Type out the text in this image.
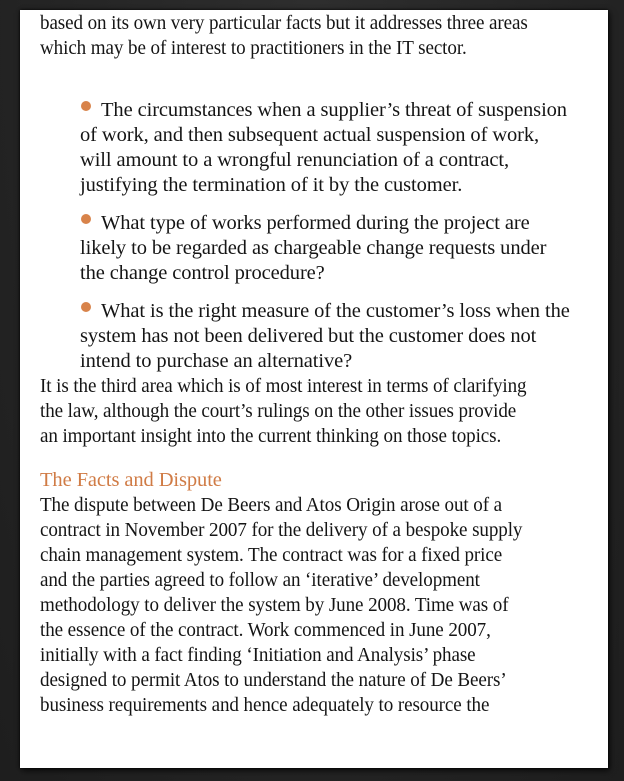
based on its own very particular facts but it addresses three areas
which may be of interest to practitioners in the IT sector.
The circumstances when a supplier’s threat of suspension
of work, and then subsequent actual suspension of work,
will amount to a wrongful renunciation of a contract,
justifying the termination of it by the customer.
What type of works performed during the project are
likely to be regarded as chargeable change requests under
the change control procedure?
What is the right measure of the customer’s loss when the
system has not been delivered but the customer does not
intend to purchase an alternative?
It is the third area which is of most interest in terms of clarifying
the law, although the court’s rulings on the other issues provide
an important insight into the current thinking on those topics.
The Facts and Dispute
The dispute between De Beers and Atos Origin arose out of a
contract in November 2007 for the delivery of a bespoke supply
chain management system. The contract was for a fixed price
and the parties agreed to follow an ‘iterative’ development
methodology to deliver the system by June 2008. Time was of
the essence of the contract. Work commenced in June 2007,
initially with a fact finding ‘Initiation and Analysis’ phase
designed to permit Atos to understand the nature of De Beers’
business requirements and hence adequately to resource the
